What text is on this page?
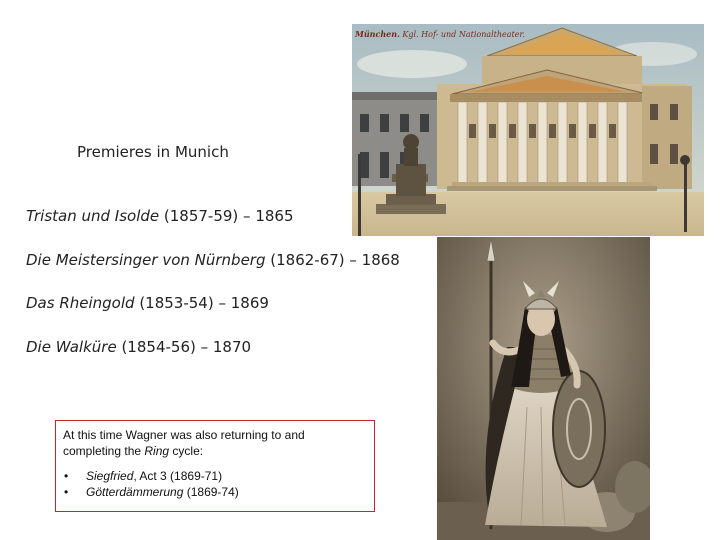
Premieres in Munich
Tristan und Isolde (1857-59) – 1865
Die Meistersinger von Nürnberg (1862-67) – 1868
Das Rheingold (1853-54) – 1869
Die Walküre (1854-56) – 1870
At this time Wagner was also returning to and
completing the Ring cycle:
• Siegfried, Act 3 (1869-71)
• Götterdämmerung (1869-74)
München. Kgl. Hof- und Nationaltheater.
